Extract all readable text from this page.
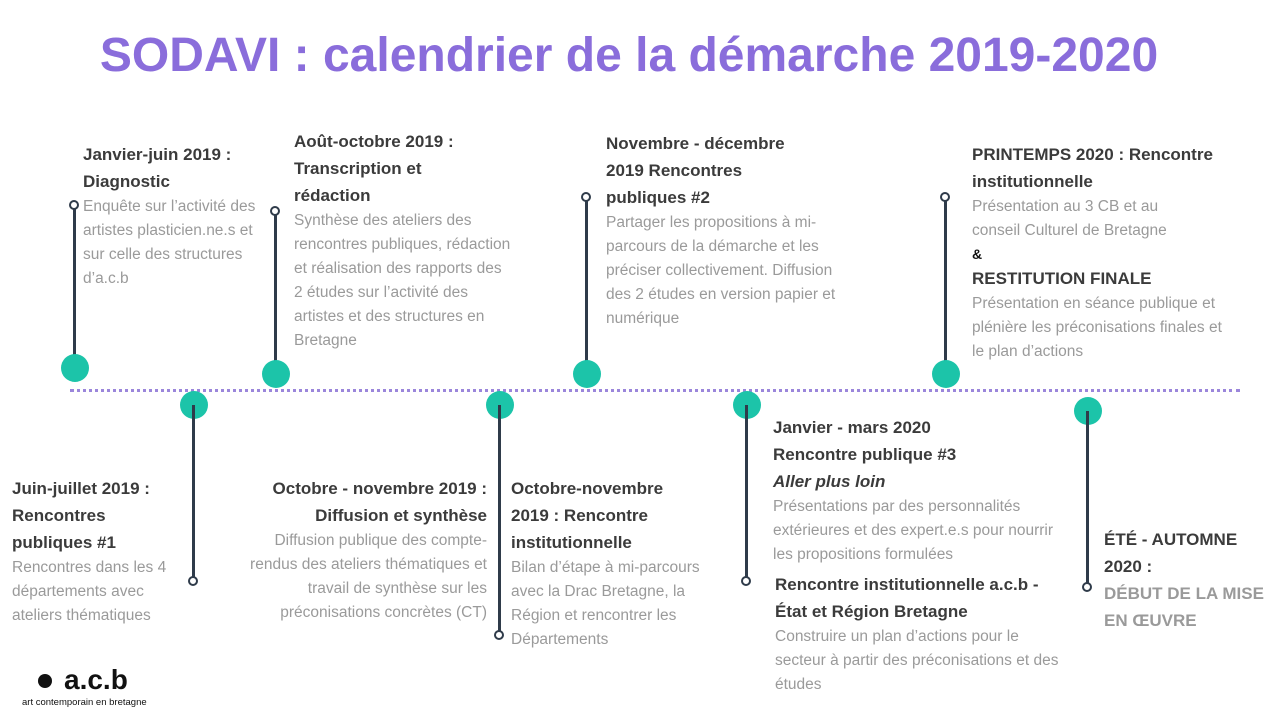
SODAVI : calendrier de la démarche 2019-2020
Janvier-juin 2019 : Diagnostic

Enquête sur l’activité des artistes plasticien.ne.s et sur celle des structures d’a.c.b

Août-octobre 2019 : Transcription et rédaction

Synthèse des ateliers des rencontres publiques, rédaction et réalisation des rapports des 2 études sur l’activité des artistes et des structures en Bretagne

Novembre - décembre 2019 Rencontres publiques #2

Partager les propositions à mi- parcours de la démarche et les préciser collectivement. Diffusion des 2 études en version papier et numérique

PRINTEMPS 2020 : Rencontre institutionnelle

Présentation au 3 CB et au conseil Culturel de Bretagne

&
RESTITUTION FINALE

Présentation en séance publique et plénière les préconisations finales et le plan d’actions

Juin-juillet 2019 : Rencontres publiques #1

Rencontres dans les 4 départements avec ateliers thématiques

Octobre - novembre 2019 : Diffusion et synthèse

Diffusion publique des compte-rendus des ateliers thématiques et travail de synthèse sur les préconisations concrètes (CT)

Octobre-novembre 2019 : Rencontre institutionnelle

Bilan d’étape à mi-parcours avec la Drac Bretagne, la Région et rencontrer les Départements

Janvier - mars 2020 Rencontre publique #3
Aller plus loin

Présentations par des personnalités extérieures et des expert.e.s pour nourrir les propositions formulées

Rencontre institutionnelle a.c.b - État et Région Bretagne

Construire un plan d’actions pour le secteur à partir des préconisations et des études

ÉTÉ - AUTOMNE 2020 :
DÉBUT DE LA MISE EN ŒUVRE
a.c.b
art contemporain en bretagne
